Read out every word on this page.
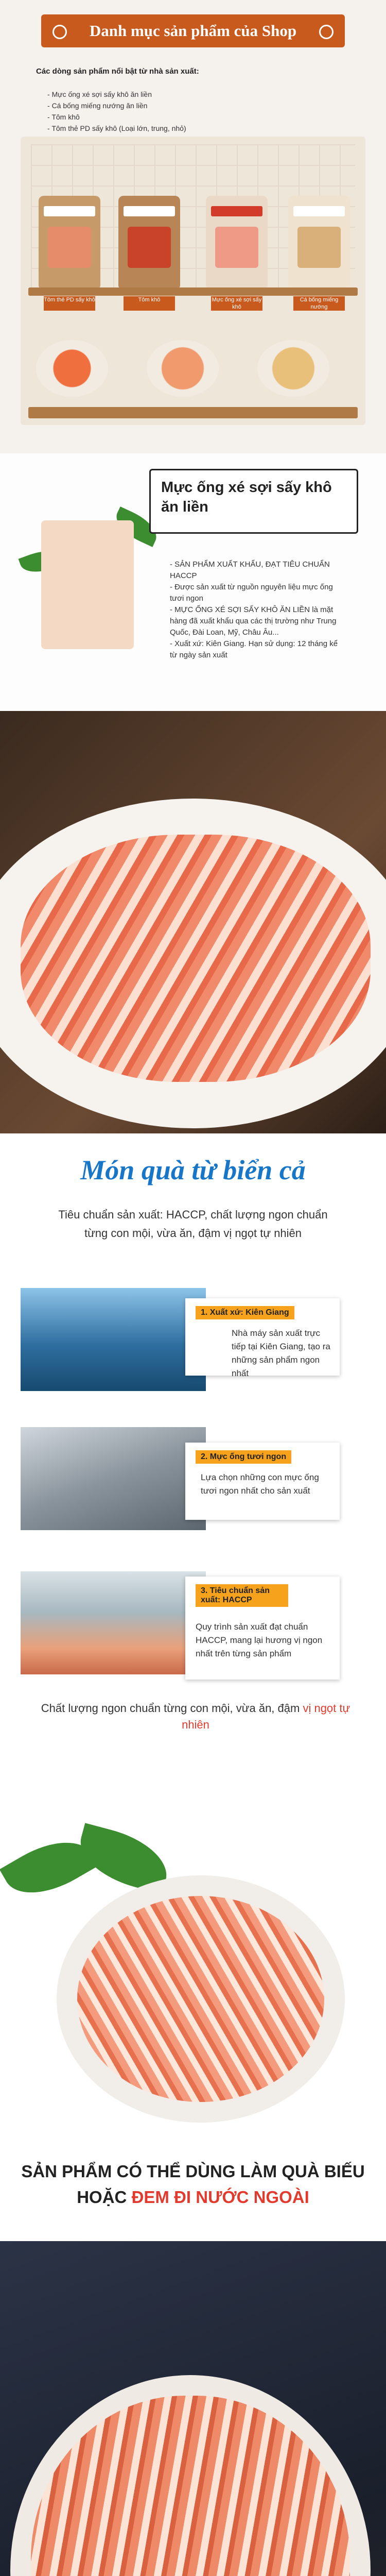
Danh mục sản phẩm của Shop
Các dòng sản phẩm nổi bật từ nhà sản xuất:
- Mực ống xé sợi sấy khô ăn liền
- Cá bống miếng nướng ăn liền
- Tôm khô
- Tôm thẻ PD sấy khô (Loại lớn, trung, nhỏ)
Tôm thẻ PD sấy khô	Tôm khô	Mực ống xé sợi sấy khô
Cá bống miếng nướng
Mực ống xé sợi sấy khô ăn liền
- SẢN PHẨM XUẤT KHẨU, ĐẠT TIÊU CHUẨN HACCP
- Được sản xuất từ nguồn nguyên liệu mực ống tươi ngon
- MỰC ỐNG XÉ SỢI SẤY KHÔ ĂN LIỀN là mặt hàng đã xuất khẩu qua các thị trường như Trung Quốc, Đài Loan, Mỹ, Châu Âu...
- Xuất xứ: Kiên Giang. Hạn sử dụng: 12 tháng kể từ ngày sản xuất
Món quà từ biển cả
Tiêu chuẩn sản xuất: HACCP, chất lượng ngon chuẩn từng con mội, vừa ăn, đậm vị ngọt tự nhiên
1. Xuất xứ: Kiên Giang
Nhà máy sản xuất trực tiếp tại Kiên Giang, tạo ra những sản phẩm ngon nhất
2. Mực ống tươi ngon
Lựa chọn những con mực ống tươi ngon nhất cho sản xuất
3. Tiêu chuẩn sản xuất: HACCP
Quy trình sản xuất đạt chuẩn HACCP, mang lại hương vị ngon nhất trên từng sản phẩm
Chất lượng ngon chuẩn từng con mội, vừa ăn, đậm vị ngọt tự nhiên
SẢN PHẨM CÓ THỂ DÙNG LÀM QUÀ BIẾU
HOẶC ĐEM ĐI NƯỚC NGOÀI
